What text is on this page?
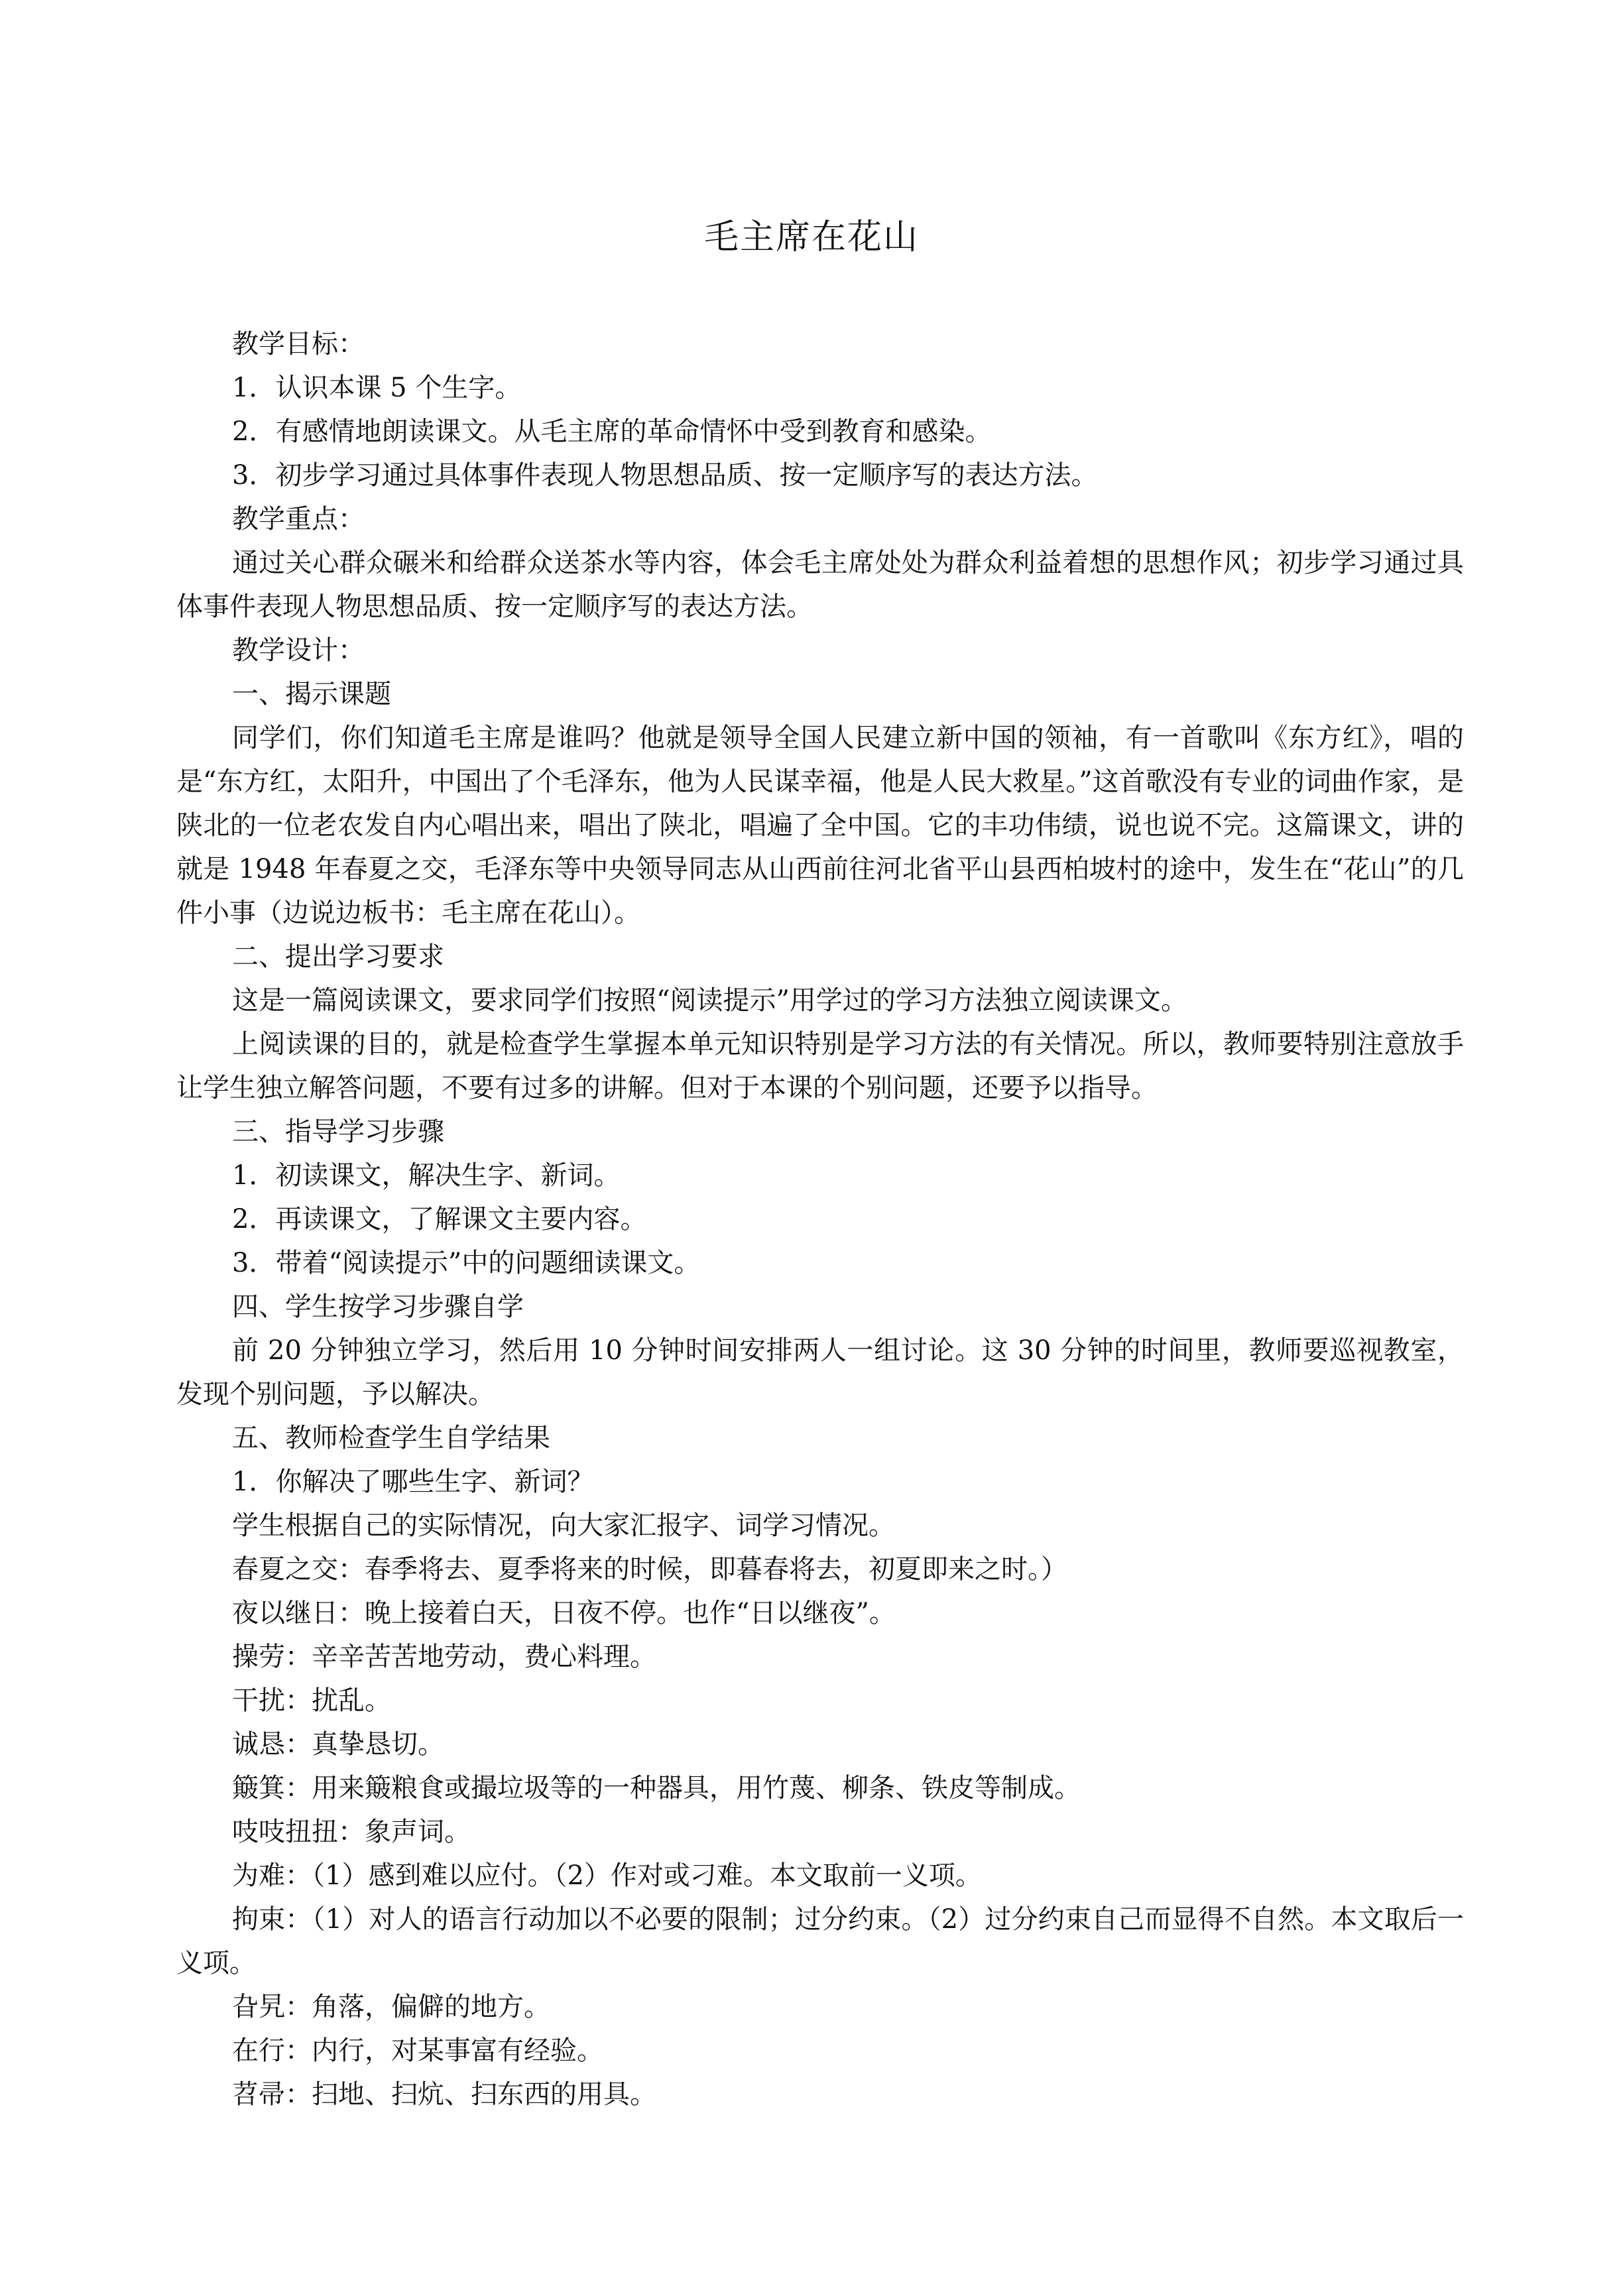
毛主席在花山

教学目标：

1．认识本课 5 个生字。

2．有感情地朗读课文。从毛主席的革命情怀中受到教育和感染。

3．初步学习通过具体事件表现人物思想品质、按一定顺序写的表达方法。

教学重点：

通过关心群众碾米和给群众送茶水等内容，体会毛主席处处为群众利益着想的思想作风；初步学习通过具体事件表现人物思想品质、按一定顺序写的表达方法。

教学设计：

一、揭示课题

同学们，你们知道毛主席是谁吗？他就是领导全国人民建立新中国的领袖，有一首歌叫《东方红》，唱的是“东方红，太阳升，中国出了个毛泽东，他为人民谋幸福，他是人民大救星。”这首歌没有专业的词曲作家，是陕北的一位老农发自内心唱出来，唱出了陕北，唱遍了全中国。它的丰功伟绩，说也说不完。这篇课文，讲的就是 1948 年春夏之交，毛泽东等中央领导同志从山西前往河北省平山县西柏坡村的途中，发生在“花山”的几件小事（边说边板书：毛主席在花山）。

二、提出学习要求

这是一篇阅读课文，要求同学们按照“阅读提示”用学过的学习方法独立阅读课文。

上阅读课的目的，就是检查学生掌握本单元知识特别是学习方法的有关情况。所以，教师要特别注意放手让学生独立解答问题，不要有过多的讲解。但对于本课的个别问题，还要予以指导。

三、指导学习步骤

1．初读课文，解决生字、新词。

2．再读课文，了解课文主要内容。

3．带着“阅读提示”中的问题细读课文。

四、学生按学习步骤自学

前 20 分钟独立学习，然后用 10 分钟时间安排两人一组讨论。这 30 分钟的时间里，教师要巡视教室，发现个别问题，予以解决。

五、教师检查学生自学结果

1．你解决了哪些生字、新词？

学生根据自己的实际情况，向大家汇报字、词学习情况。

春夏之交：春季将去、夏季将来的时候，即暮春将去，初夏即来之时。）

夜以继日：晚上接着白天，日夜不停。也作“日以继夜”。

操劳：辛辛苦苦地劳动，费心料理。

干扰：扰乱。

诚恳：真挚恳切。

簸箕：用来簸粮食或撮垃圾等的一种器具，用竹蔑、柳条、铁皮等制成。

吱吱扭扭：象声词。

为难：（1）感到难以应付。（2）作对或刁难。本文取前一义项。

拘束：（1）对人的语言行动加以不必要的限制；过分约束。（2）过分约束自己而显得不自然。本文取后一义项。

旮旯：角落，偏僻的地方。

在行：内行，对某事富有经验。

苕帚：扫地、扫炕、扫东西的用具。
